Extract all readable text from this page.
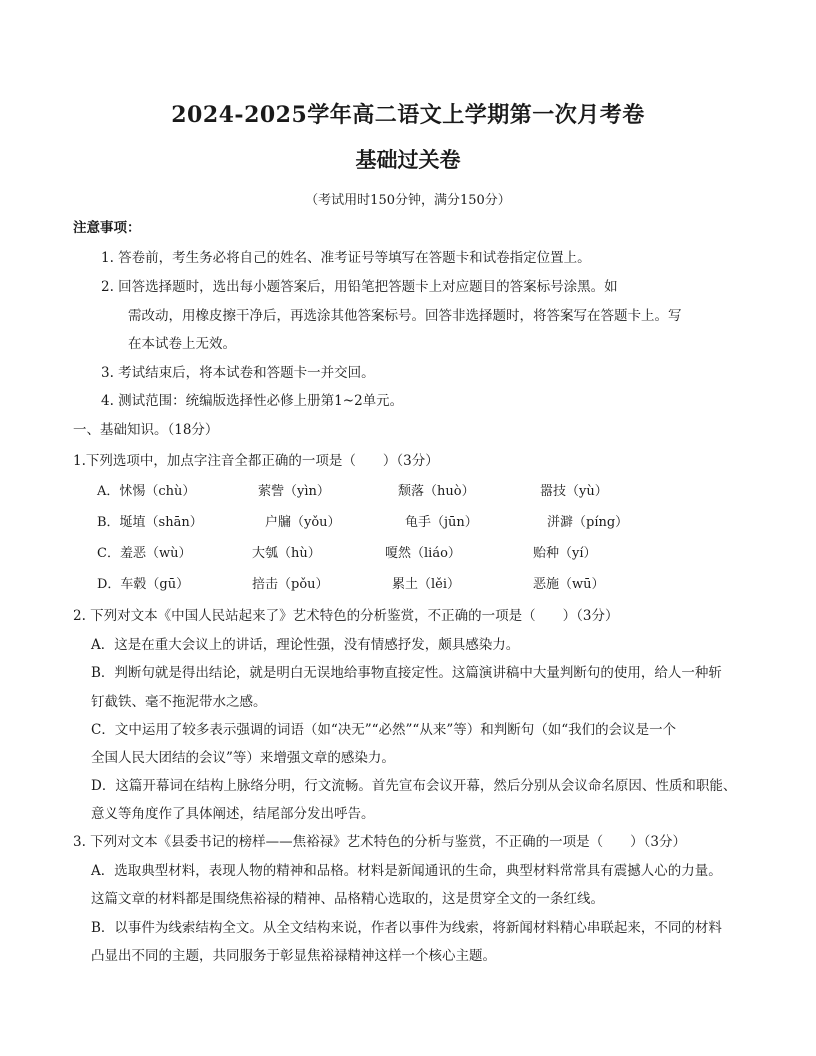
2024-2025学年高二语文上学期第一次月考卷
基础过关卷
（考试用时150分钟，满分150分）
注意事项：
1. 答卷前，考生务必将自己的姓名、准考证号等填写在答题卡和试卷指定位置上。
2. 回答选择题时，选出每小题答案后，用铅笔把答题卡上对应题目的答案标号涂黑。如
需改动，用橡皮擦干净后，再选涂其他答案标号。回答非选择题时，将答案写在答题卡上。写
在本试卷上无效。
3. 考试结束后，将本试卷和答题卡一并交回。
4. 测试范围：统编版选择性必修上册第1~2单元。
一、基础知识。（18分）
1.下列选项中，加点字注音全都正确的一项是（　　）（3分）
A．怵惕（chù）	萦訾（yìn）	颓落（huò）	嚣技（yù）
B．埏埴（shān）	户牖（yǒu）	龟手（jūn）	洴澼（píng）
C．羞恶（wù）	大瓠（hù）	嗄然（liáo）	贻种（yí）
D．车毂（gū）	掊击（pǒu）	累土（lěi）	恶施（wū）
2. 下列对文本《中国人民站起来了》艺术特色的分析鉴赏，不正确的一项是（　　）（3分）
A．这是在重大会议上的讲话，理论性强，没有情感抒发，颇具感染力。
B．判断句就是得出结论，就是明白无误地给事物直接定性。这篇演讲稿中大量判断句的使用，给人一种斩
钉截铁、毫不拖泥带水之感。
C．文中运用了较多表示强调的词语（如“决无”“必然”“从来”等）和判断句（如“我们的会议是一个
全国人民大团结的会议”等）来增强文章的感染力。
D．这篇开幕词在结构上脉络分明，行文流畅。首先宣布会议开幕，然后分别从会议命名原因、性质和职能、
意义等角度作了具体阐述，结尾部分发出呼告。
3. 下列对文本《县委书记的榜样——焦裕禄》艺术特色的分析与鉴赏，不正确的一项是（　　）（3分）
A．选取典型材料，表现人物的精神和品格。材料是新闻通讯的生命，典型材料常常具有震撼人心的力量。
这篇文章的材料都是围绕焦裕禄的精神、品格精心选取的，这是贯穿全文的一条红线。
B．以事件为线索结构全文。从全文结构来说，作者以事件为线索，将新闻材料精心串联起来，不同的材料
凸显出不同的主题，共同服务于彰显焦裕禄精神这样一个核心主题。
